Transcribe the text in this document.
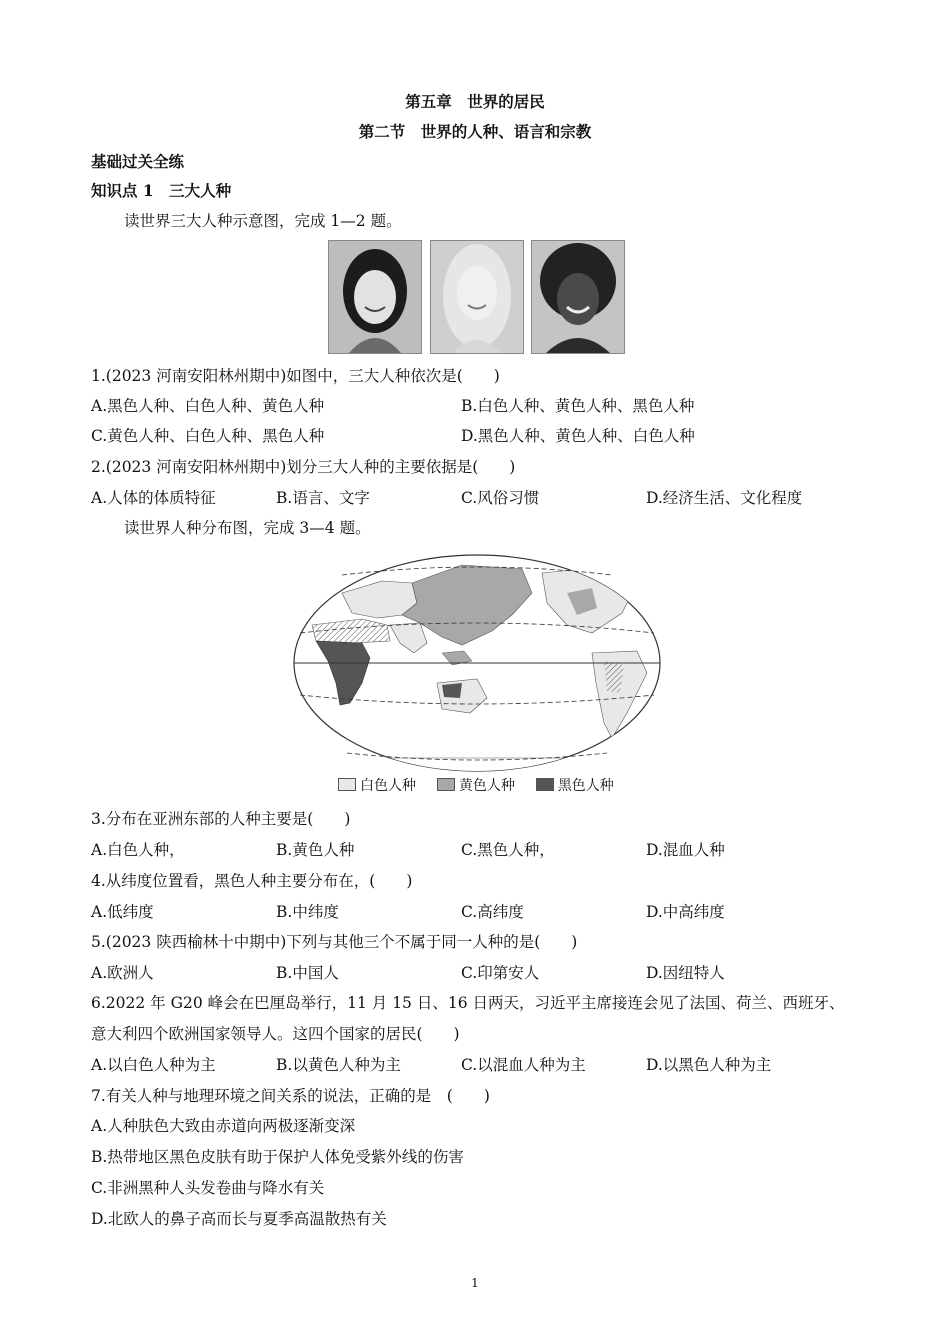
第五章　世界的居民
第二节　世界的人种、语言和宗教
基础过关全练
知识点 1　三大人种
读世界三大人种示意图，完成 1—2 题。
1.(2023 河南安阳林州期中)如图中，三大人种依次是(　　)
A.黑色人种、白色人种、黄色人种	B.白色人种、黄色人种、黑色人种
C.黄色人种、白色人种、黑色人种	D.黑色人种、黄色人种、白色人种
2.(2023 河南安阳林州期中)划分三大人种的主要依据是(　　)
A.人体的体质特征	B.语言、文字	C.风俗习惯	D.经济生活、文化程度
读世界人种分布图，完成 3—4 题。
白色人种	黄色人种	黑色人种
3.分布在亚洲东部的人种主要是(　　)
A.白色人种，	B.黄色人种	C.黑色人种，	D.混血人种
4.从纬度位置看，黑色人种主要分布在，(　　)
A.低纬度	B.中纬度	C.高纬度	D.中高纬度
5.(2023 陕西榆林十中期中)下列与其他三个不属于同一人种的是(　　)
A.欧洲人	B.中国人	C.印第安人	D.因纽特人
6.2022 年 G20 峰会在巴厘岛举行，11 月 15 日、16 日两天，习近平主席接连会见了法国、荷兰、西班牙、
意大利四个欧洲国家领导人。这四个国家的居民(　　)
A.以白色人种为主	B.以黄色人种为主	C.以混血人种为主	D.以黑色人种为主
7.有关人种与地理环境之间关系的说法，正确的是　(　　)
A.人种肤色大致由赤道向两极逐渐变深
B.热带地区黑色皮肤有助于保护人体免受紫外线的伤害
C.非洲黑种人头发卷曲与降水有关
D.北欧人的鼻子高而长与夏季高温散热有关
1
